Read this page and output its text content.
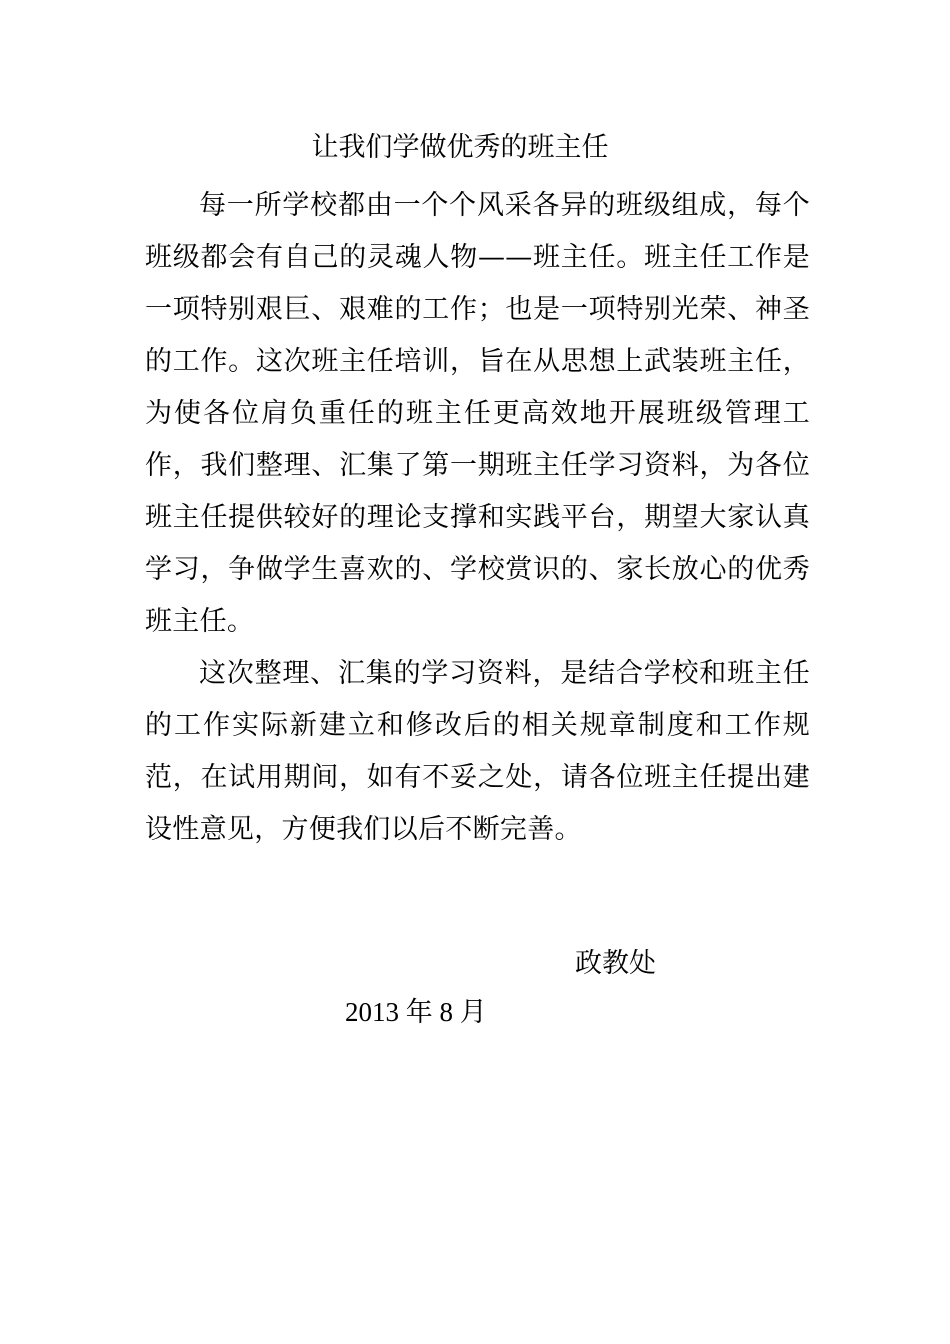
让我们学做优秀的班主任

每一所学校都由一个个风采各异的班级组成，每个班级都会有自己的灵魂人物——班主任。班主任工作是一项特别艰巨、艰难的工作；也是一项特别光荣、神圣的工作。这次班主任培训，旨在从思想上武装班主任，为使各位肩负重任的班主任更高效地开展班级管理工作，我们整理、汇集了第一期班主任学习资料，为各位班主任提供较好的理论支撑和实践平台，期望大家认真学习，争做学生喜欢的、学校赏识的、家长放心的优秀班主任。

这次整理、汇集的学习资料，是结合学校和班主任的工作实际新建立和修改后的相关规章制度和工作规范，在试用期间，如有不妥之处，请各位班主任提出建设性意见，方便我们以后不断完善。

政教处

2013 年 8 月
